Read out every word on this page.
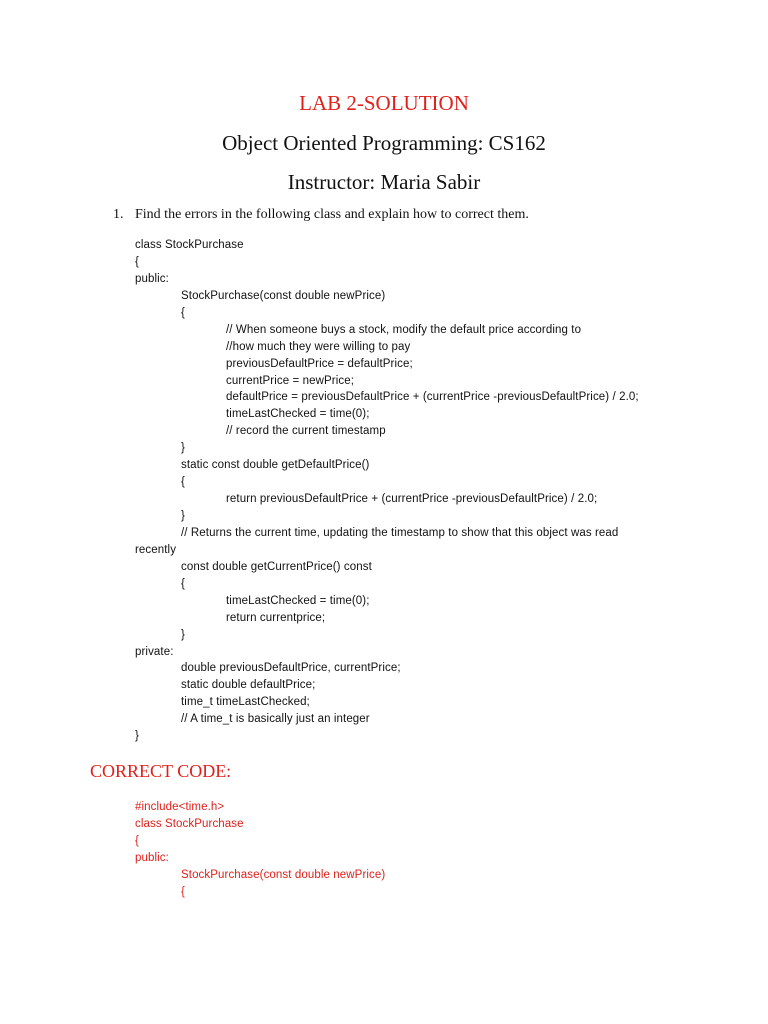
LAB 2-SOLUTION
Object Oriented Programming: CS162
Instructor: Maria Sabir
1. Find the errors in the following class and explain how to correct them.
class StockPurchase
{
public:
StockPurchase(const double newPrice)
{
// When someone buys a stock, modify the default price according to
//how much they were willing to pay
previousDefaultPrice = defaultPrice;
currentPrice = newPrice;
defaultPrice = previousDefaultPrice + (currentPrice -previousDefaultPrice) / 2.0;
timeLastChecked = time(0);
// record the current timestamp
}
static const double getDefaultPrice()
{
return previousDefaultPrice + (currentPrice -previousDefaultPrice) / 2.0;
}
// Returns the current time, updating the timestamp to show that this object was read
recently
const double getCurrentPrice() const
{
timeLastChecked = time(0);
return currentprice;
}
private:
double previousDefaultPrice, currentPrice;
static double defaultPrice;
time_t timeLastChecked;
// A time_t is basically just an integer
}
CORRECT CODE:
#include<time.h>
class StockPurchase
{
public:
StockPurchase(const double newPrice)
{
